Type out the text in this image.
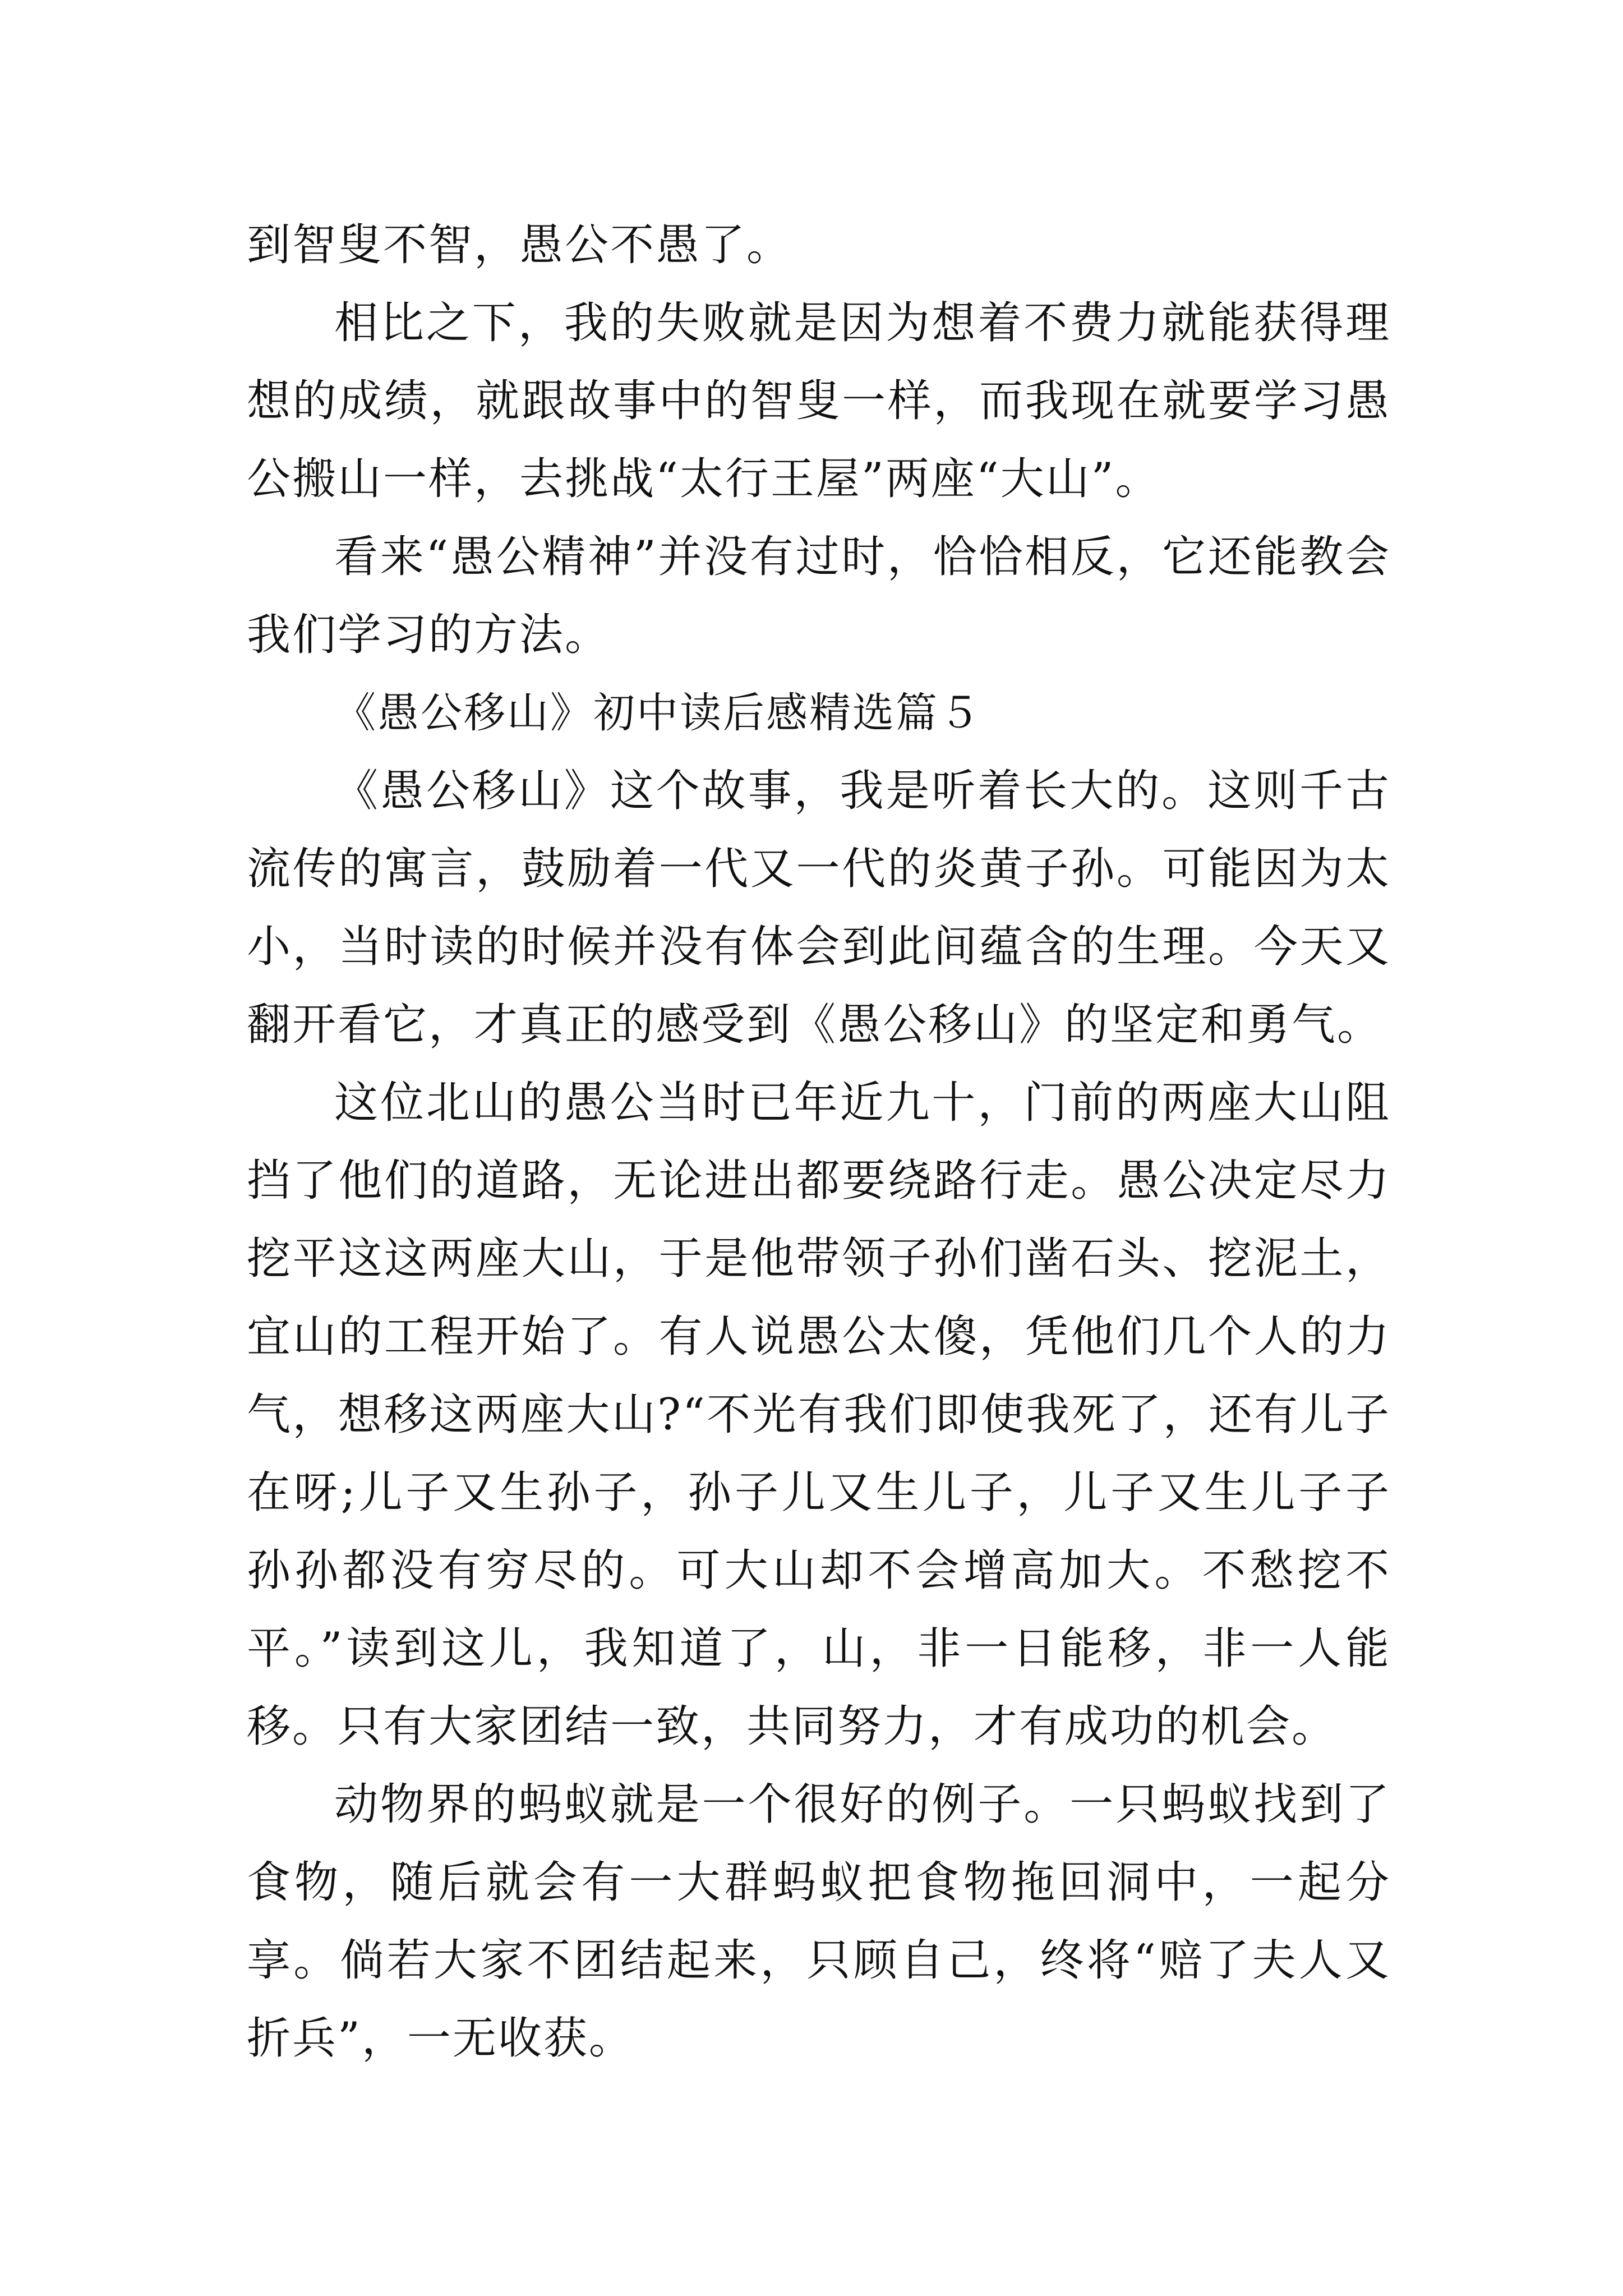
到智叟不智，愚公不愚了。

相比之下，我的失败就是因为想着不费力就能获得理想的成绩，就跟故事中的智叟一样，而我现在就要学习愚公搬山一样，去挑战“太行王屋”两座“大山”。

看来“愚公精神”并没有过时，恰恰相反，它还能教会我们学习的方法。

《愚公移山》初中读后感精选篇５

《愚公移山》这个故事，我是听着长大的。这则千古流传的寓言，鼓励着一代又一代的炎黄子孙。可能因为太小，当时读的时候并没有体会到此间蕴含的生理。今天又翻开看它，才真正的感受到《愚公移山》的坚定和勇气。

这位北山的愚公当时已年近九十，门前的两座大山阻挡了他们的道路，无论进出都要绕路行走。愚公决定尽力挖平这这两座大山，于是他带领子孙们凿石头、挖泥土，宜山的工程开始了。有人说愚公太傻，凭他们几个人的力气，想移这两座大山?“不光有我们即使我死了，还有儿子在呀;儿子又生孙子，孙子儿又生儿子，儿子又生儿子子孙孙都没有穷尽的。可大山却不会增高加大。不愁挖不平。”读到这儿，我知道了，山，非一日能移，非一人能移。只有大家团结一致，共同努力，才有成功的机会。

动物界的蚂蚁就是一个很好的例子。一只蚂蚁找到了食物，随后就会有一大群蚂蚁把食物拖回洞中，一起分享。倘若大家不团结起来，只顾自己，终将“赔了夫人又折兵”，一无收获。
